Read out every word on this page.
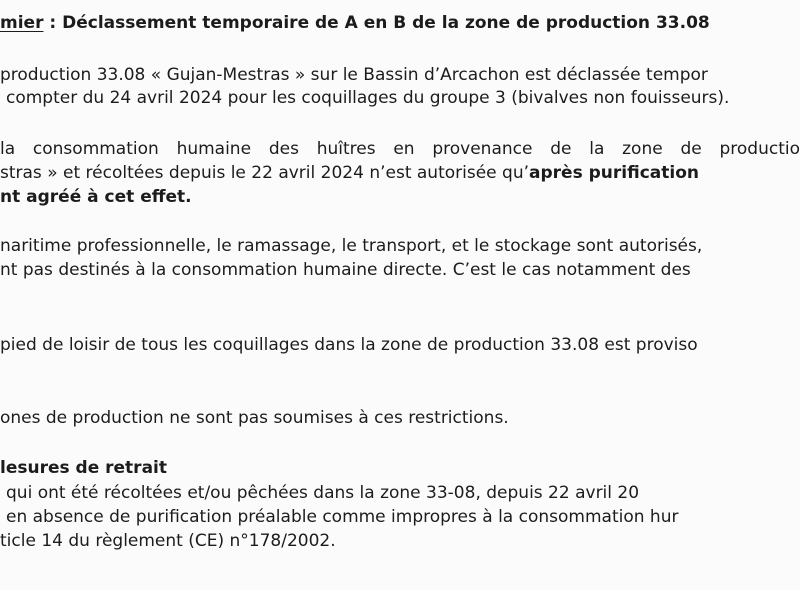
mier : Déclassement temporaire de A en B de la zone de production 33.08
production 33.08 « Gujan-Mestras » sur le Bassin d’Arcachon est déclassée tempor
compter du 24 avril 2024 pour les coquillages du groupe 3 (bivalves non fouisseurs).
la consommation humaine des huîtres en provenance de la zone de productio
stras » et récoltées depuis le 22 avril 2024 n’est autorisée qu’après purification
nt agréé à cet effet.
naritime professionnelle, le ramassage, le transport, et le stockage sont autorisés,
nt pas destinés à la consommation humaine directe. C’est le cas notamment des
pied de loisir de tous les coquillages dans la zone de production 33.08 est proviso
ones de production ne sont pas soumises à ces restrictions.
lesures de retrait
qui ont été récoltées et/ou pêchées dans la zone 33-08, depuis 22 avril 20
en absence de purification préalable comme impropres à la consommation hur
ticle 14 du règlement (CE) n°178/2002.
